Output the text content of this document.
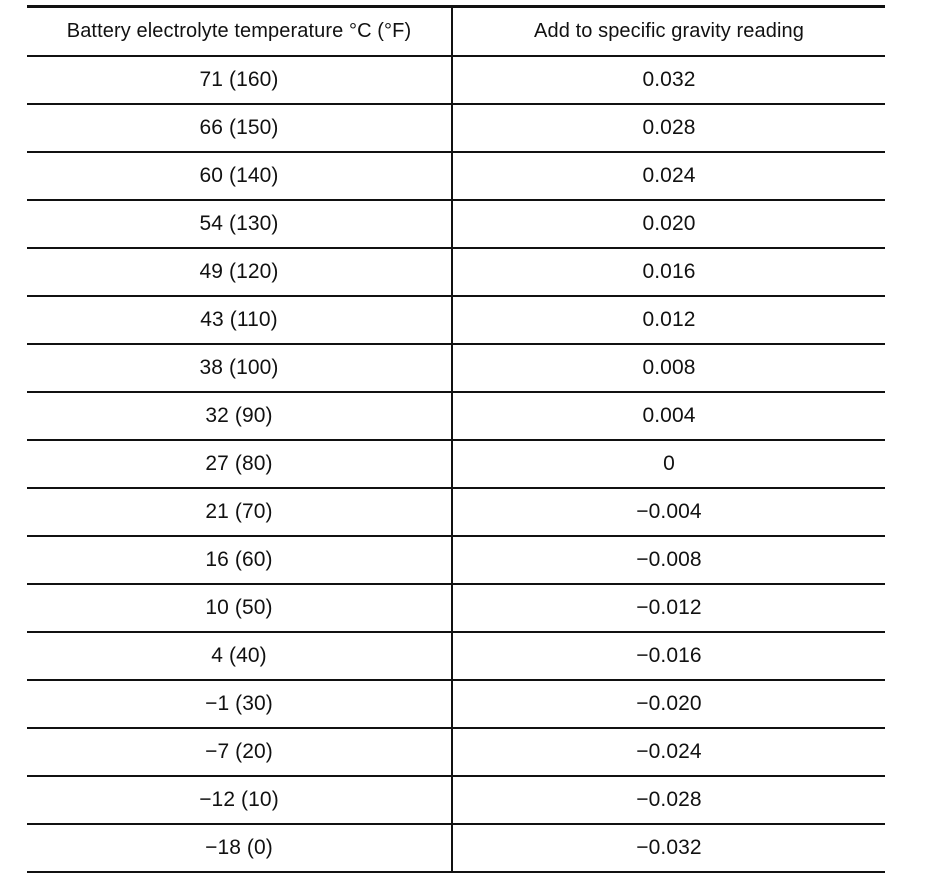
Battery electrolyte temperature °C (°F)	Add to specific gravity reading
71 (160)	0.032
66 (150)	0.028
60 (140)	0.024
54 (130)	0.020
49 (120)	0.016
43 (110)	0.012
38 (100)	0.008
32 (90)	0.004
27 (80)	0
21 (70)	−0.004
16 (60)	−0.008
10 (50)	−0.012
4 (40)	−0.016
−1 (30)	−0.020
−7 (20)	−0.024
−12 (10)	−0.028
−18 (0)	−0.032
